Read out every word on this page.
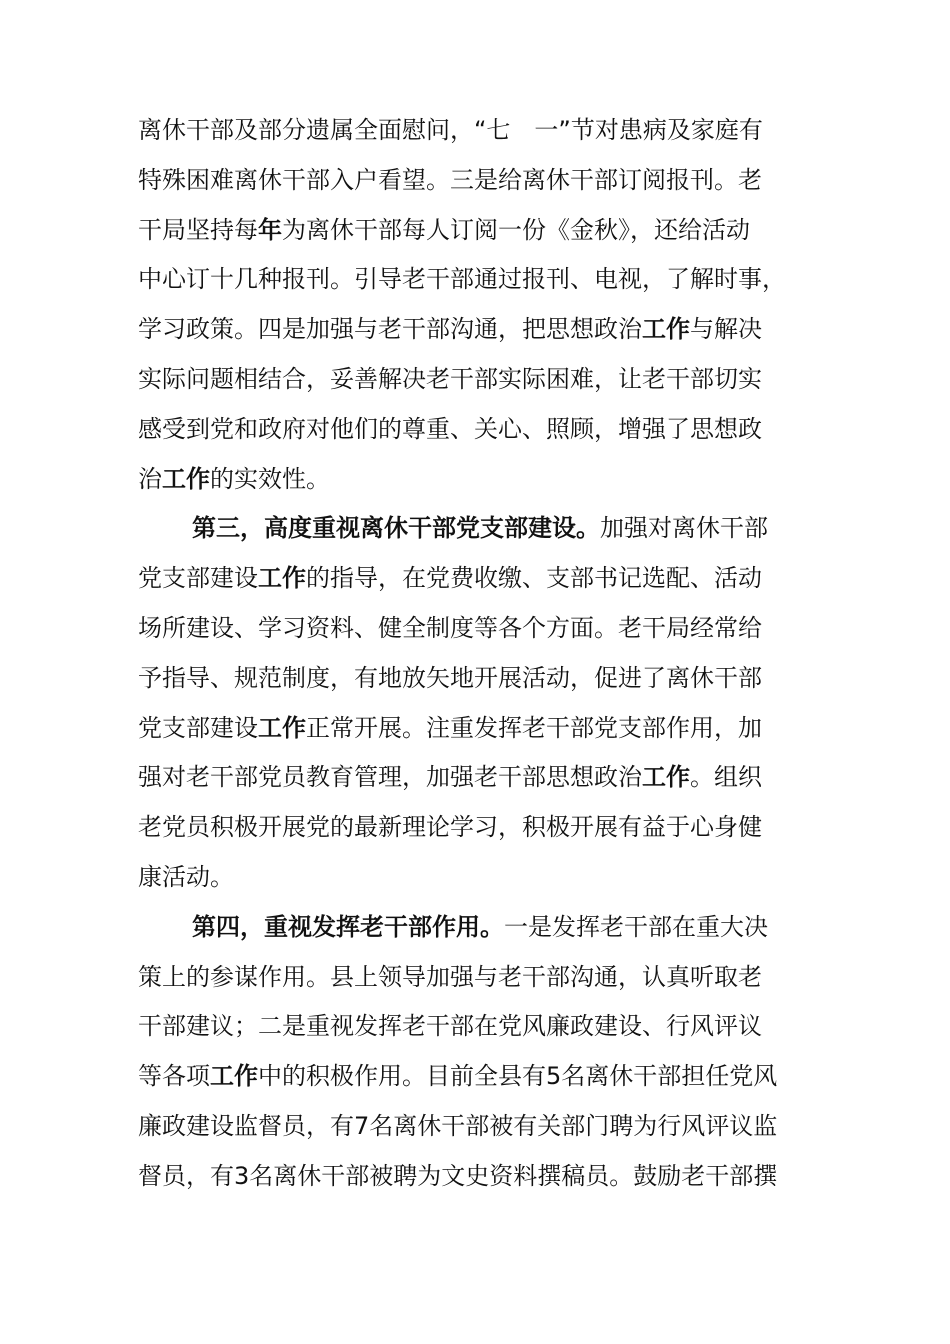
离休干部及部分遗属全面慰问，“七　一”节对患病及家庭有
特殊困难离休干部入户看望。三是给离休干部订阅报刊。老
干局坚持每年为离休干部每人订阅一份《金秋》，还给活动
中心订十几种报刊。引导老干部通过报刊、电视，了解时事，
学习政策。四是加强与老干部沟通，把思想政治工作与解决
实际问题相结合，妥善解决老干部实际困难，让老干部切实
感受到党和政府对他们的尊重、关心、照顾，增强了思想政
治工作的实效性。
第三，高度重视离休干部党支部建设。加强对离休干部
党支部建设工作的指导，在党费收缴、支部书记选配、活动
场所建设、学习资料、健全制度等各个方面。老干局经常给
予指导、规范制度，有地放矢地开展活动，促进了离休干部
党支部建设工作正常开展。注重发挥老干部党支部作用，加
强对老干部党员教育管理，加强老干部思想政治工作。组织
老党员积极开展党的最新理论学习，积极开展有益于心身健
康活动。
第四，重视发挥老干部作用。一是发挥老干部在重大决
策上的参谋作用。县上领导加强与老干部沟通，认真听取老
干部建议；二是重视发挥老干部在党风廉政建设、行风评议
等各项工作中的积极作用。目前全县有5名离休干部担任党风
廉政建设监督员，有7名离休干部被有关部门聘为行风评议监
督员，有3名离休干部被聘为文史资料撰稿员。鼓励老干部撰
